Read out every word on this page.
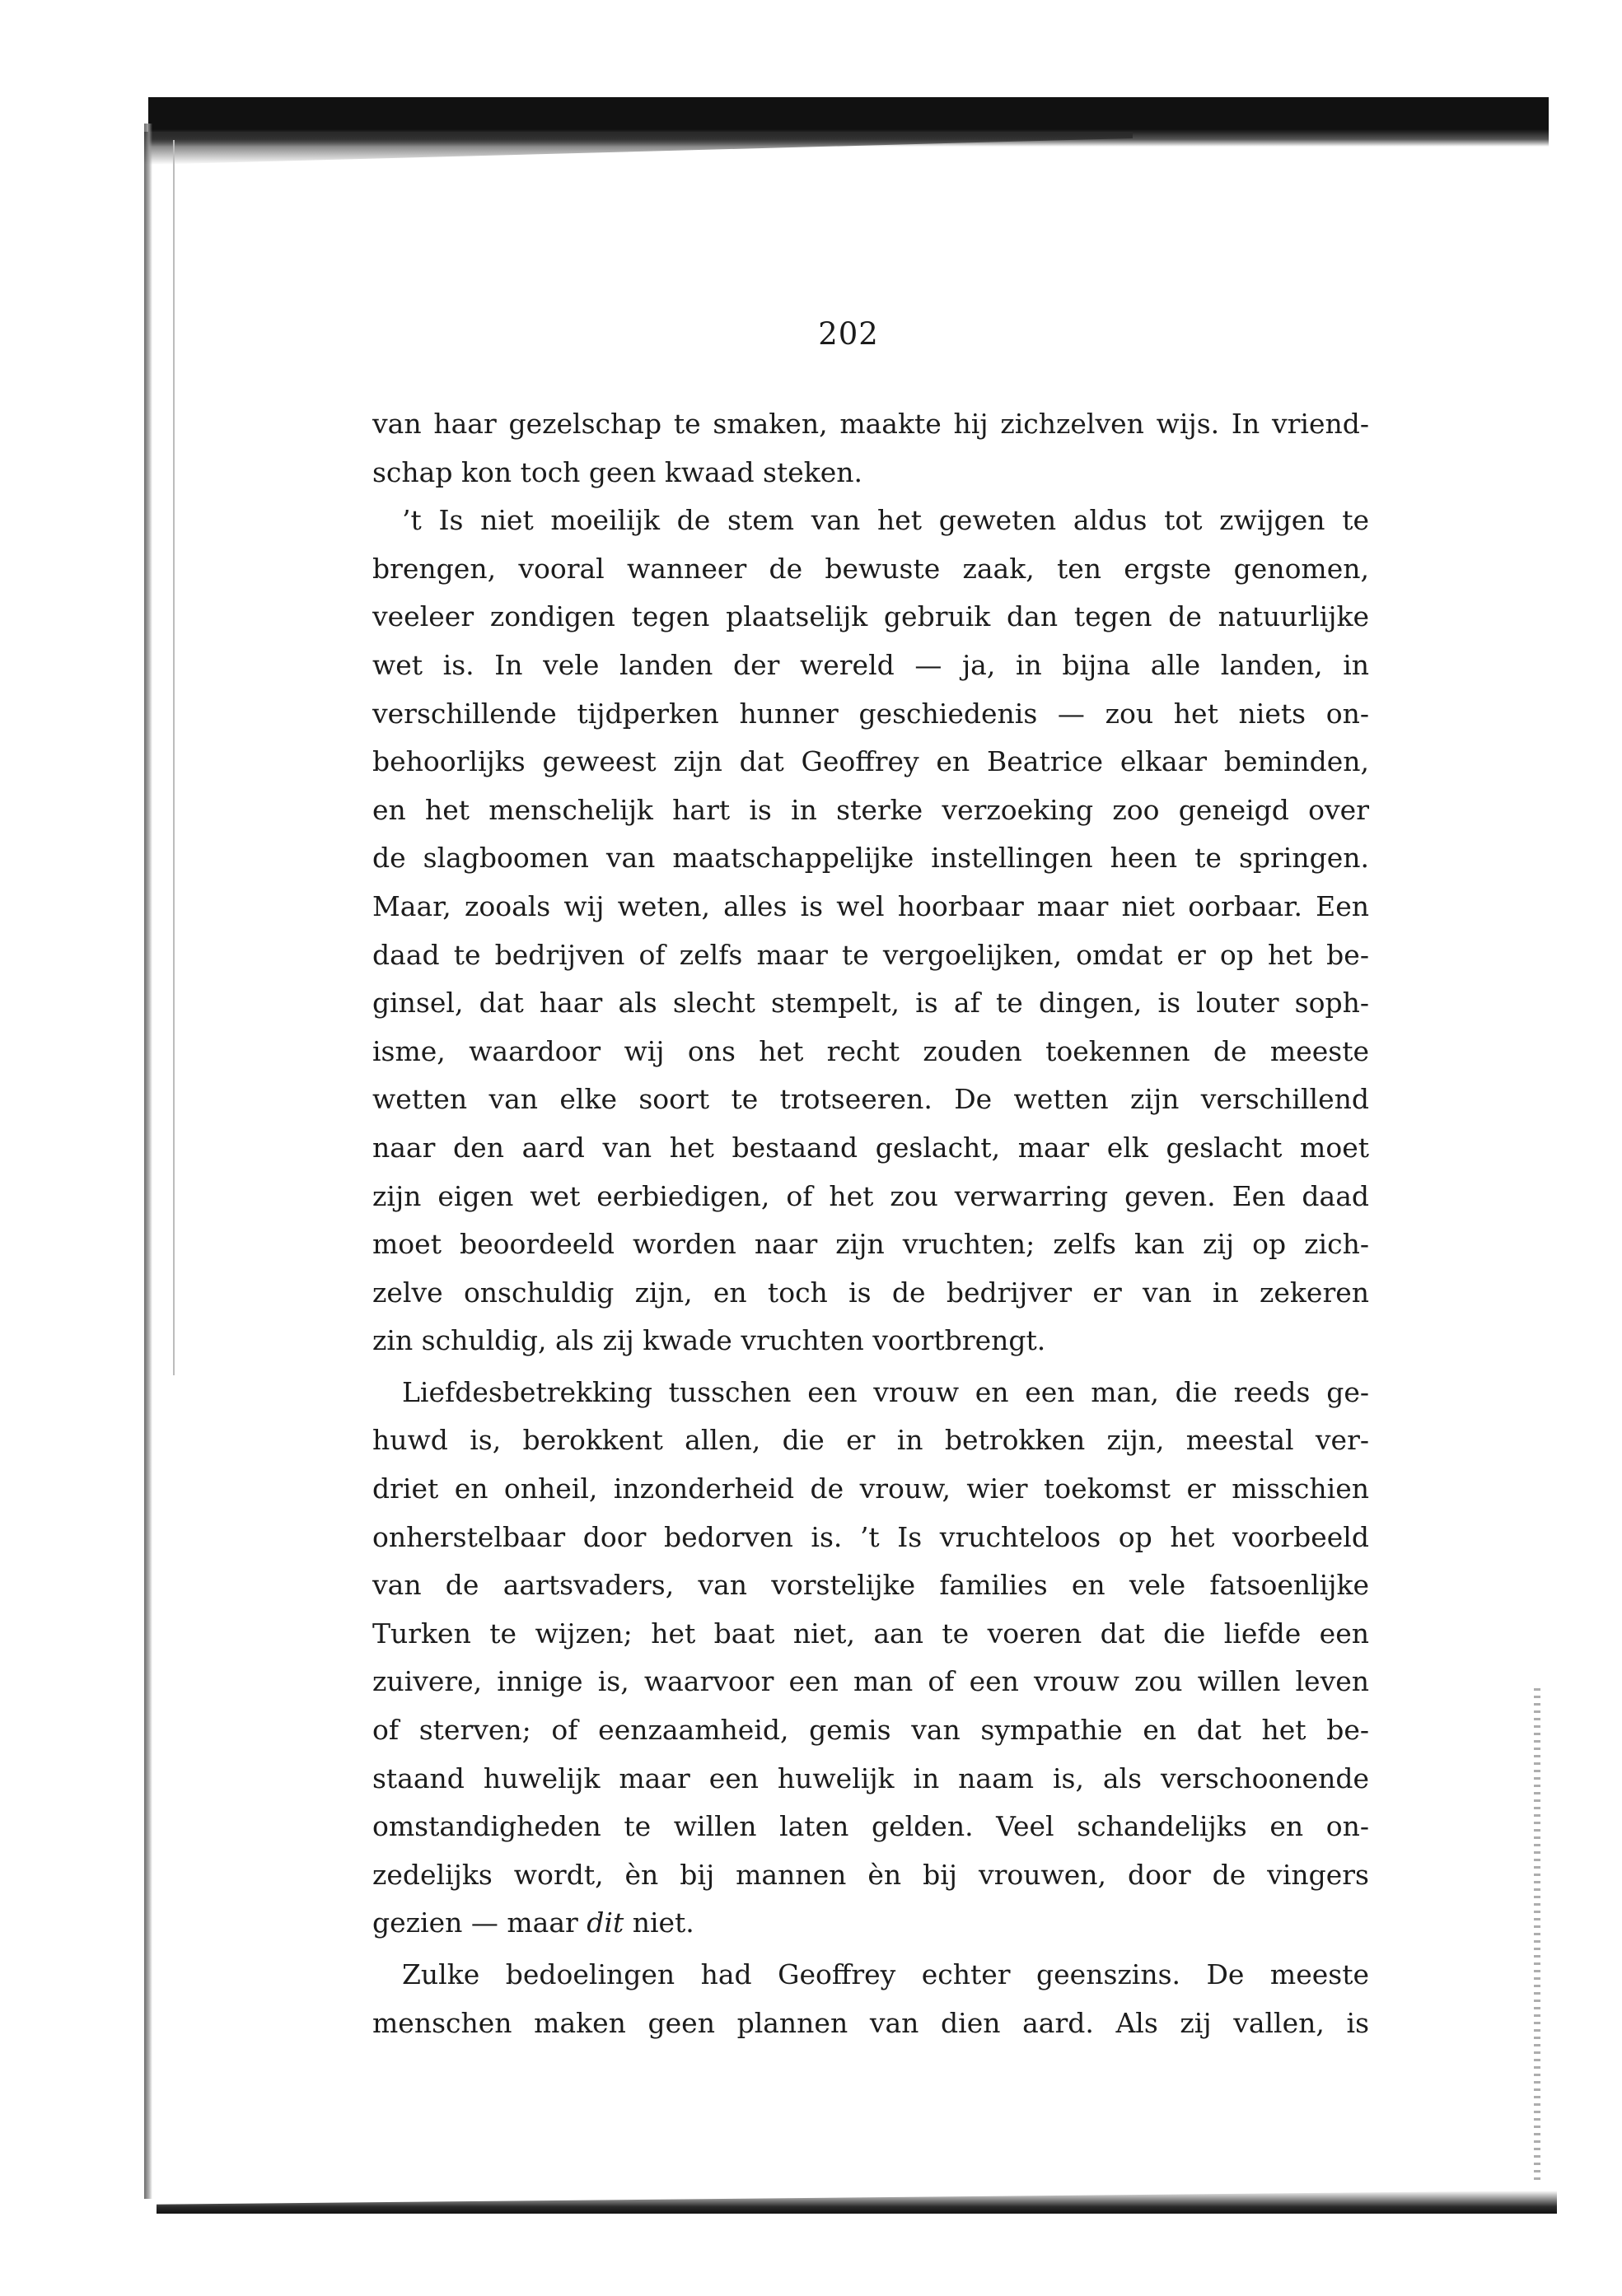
202
van haar gezelschap te smaken, maakte hij zichzelven wijs. In vriend-
schap kon toch geen kwaad steken.
’t Is niet moeilijk de stem van het geweten aldus tot zwijgen te
brengen, vooral wanneer de bewuste zaak, ten ergste genomen,
veeleer zondigen tegen plaatselijk gebruik dan tegen de natuurlijke
wet is. In vele landen der wereld — ja, in bijna alle landen, in
verschillende tijdperken hunner geschiedenis — zou het niets on-
behoorlijks geweest zijn dat Geoffrey en Beatrice elkaar beminden,
en het menschelijk hart is in sterke verzoeking zoo geneigd over
de slagboomen van maatschappelijke instellingen heen te springen.
Maar, zooals wij weten, alles is wel hoorbaar maar niet oorbaar. Een
daad te bedrijven of zelfs maar te vergoelijken, omdat er op het be-
ginsel, dat haar als slecht stempelt, is af te dingen, is louter soph-
isme, waardoor wij ons het recht zouden toekennen de meeste
wetten van elke soort te trotseeren. De wetten zijn verschillend
naar den aard van het bestaand geslacht, maar elk geslacht moet
zijn eigen wet eerbiedigen, of het zou verwarring geven. Een daad
moet beoordeeld worden naar zijn vruchten; zelfs kan zij op zich-
zelve onschuldig zijn, en toch is de bedrijver er van in zekeren
zin schuldig, als zij kwade vruchten voortbrengt.
Liefdesbetrekking tusschen een vrouw en een man, die reeds ge-
huwd is, berokkent allen, die er in betrokken zijn, meestal ver-
driet en onheil, inzonderheid de vrouw, wier toekomst er misschien
onherstelbaar door bedorven is. ’t Is vruchteloos op het voorbeeld
van de aartsvaders, van vorstelijke families en vele fatsoenlijke
Turken te wijzen; het baat niet, aan te voeren dat die liefde een
zuivere, innige is, waarvoor een man of een vrouw zou willen leven
of sterven; of eenzaamheid, gemis van sympathie en dat het be-
staand huwelijk maar een huwelijk in naam is, als verschoonende
omstandigheden te willen laten gelden. Veel schandelijks en on-
zedelijks wordt, èn bij mannen èn bij vrouwen, door de vingers
gezien — maar dit niet.
Zulke bedoelingen had Geoffrey echter geenszins. De meeste
menschen maken geen plannen van dien aard. Als zij vallen, is
